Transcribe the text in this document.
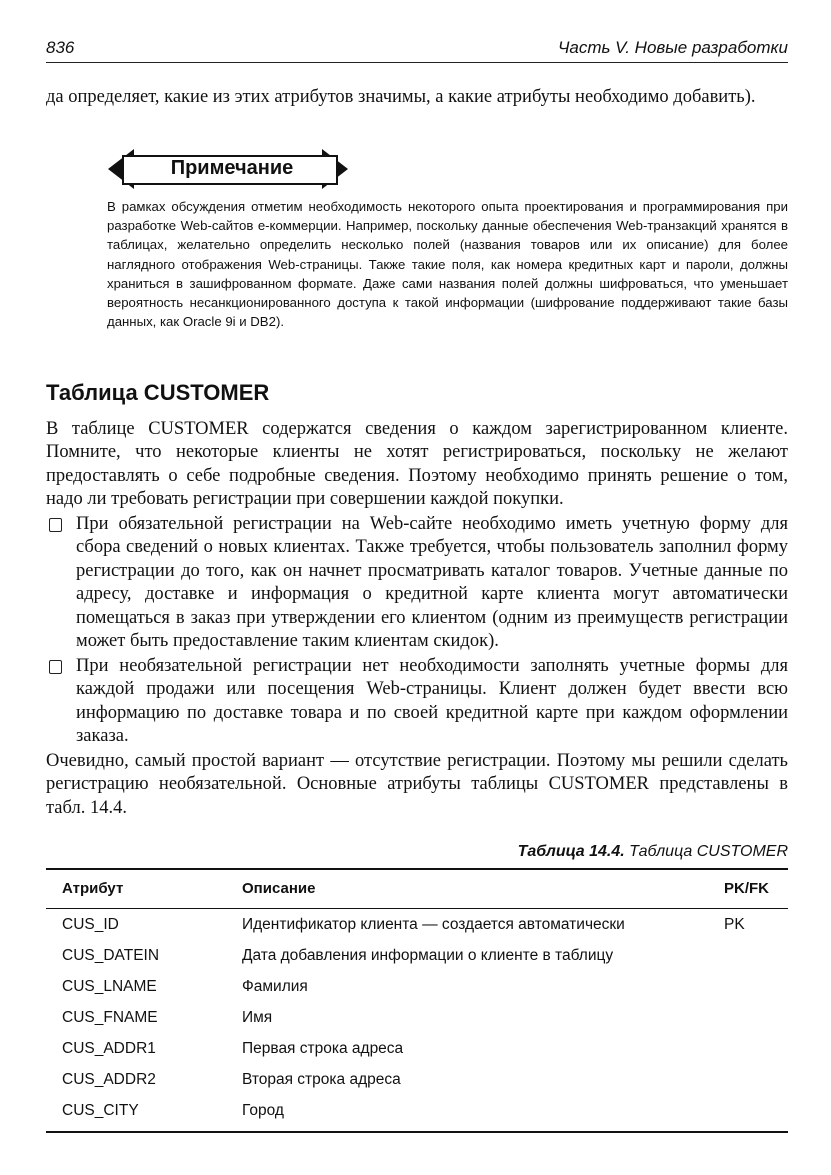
836	Часть V. Новые разработки
да определяет, какие из этих атрибутов значимы, а какие атрибуты необходимо добавить).
Примечание
В рамках обсуждения отметим необходимость некоторого опыта проектирования и программирования при разработке Web-сайтов е-коммерции. Например, поскольку данные обеспечения Web-транзакций хранятся в таблицах, желательно определить несколько полей (названия товаров или их описание) для более наглядного отображения Web-страницы. Также такие поля, как номера кредитных карт и пароли, должны храниться в зашифрованном формате. Даже сами названия полей должны шифроваться, что уменьшает вероятность несанкционированного доступа к такой информации (шифрование поддерживают такие базы данных, как Oracle 9i и DB2).
Таблица CUSTOMER
В таблице CUSTOMER содержатся сведения о каждом зарегистрированном клиенте. Помните, что некоторые клиенты не хотят регистрироваться, поскольку не желают предоставлять о себе подробные сведения. Поэтому необходимо принять решение о том, надо ли требовать регистрации при совершении каждой покупки.
При обязательной регистрации на Web-сайте необходимо иметь учетную форму для сбора сведений о новых клиентах. Также требуется, чтобы пользователь заполнил форму регистрации до того, как он начнет просматривать каталог товаров. Учетные данные по адресу, доставке и информация о кредитной карте клиента могут автоматически помещаться в заказ при утверждении его клиентом (одним из преимуществ регистрации может быть предоставление таким клиентам скидок).
При необязательной регистрации нет необходимости заполнять учетные формы для каждой продажи или посещения Web-страницы. Клиент должен будет ввести всю информацию по доставке товара и по своей кредитной карте при каждом оформлении заказа.
Очевидно, самый простой вариант — отсутствие регистрации. Поэтому мы решили сделать регистрацию необязательной. Основные атрибуты таблицы CUSTOMER представлены в табл. 14.4.
Таблица 14.4. Таблица CUSTOMER
Атрибут	Описание	PK/FK
CUS_ID	Идентификатор клиента — создается автоматически	PK
CUS_DATEIN	Дата добавления информации о клиенте в таблицу
CUS_LNAME	Фамилия
CUS_FNAME	Имя
CUS_ADDR1	Первая строка адреса
CUS_ADDR2	Вторая строка адреса
CUS_CITY	Город
